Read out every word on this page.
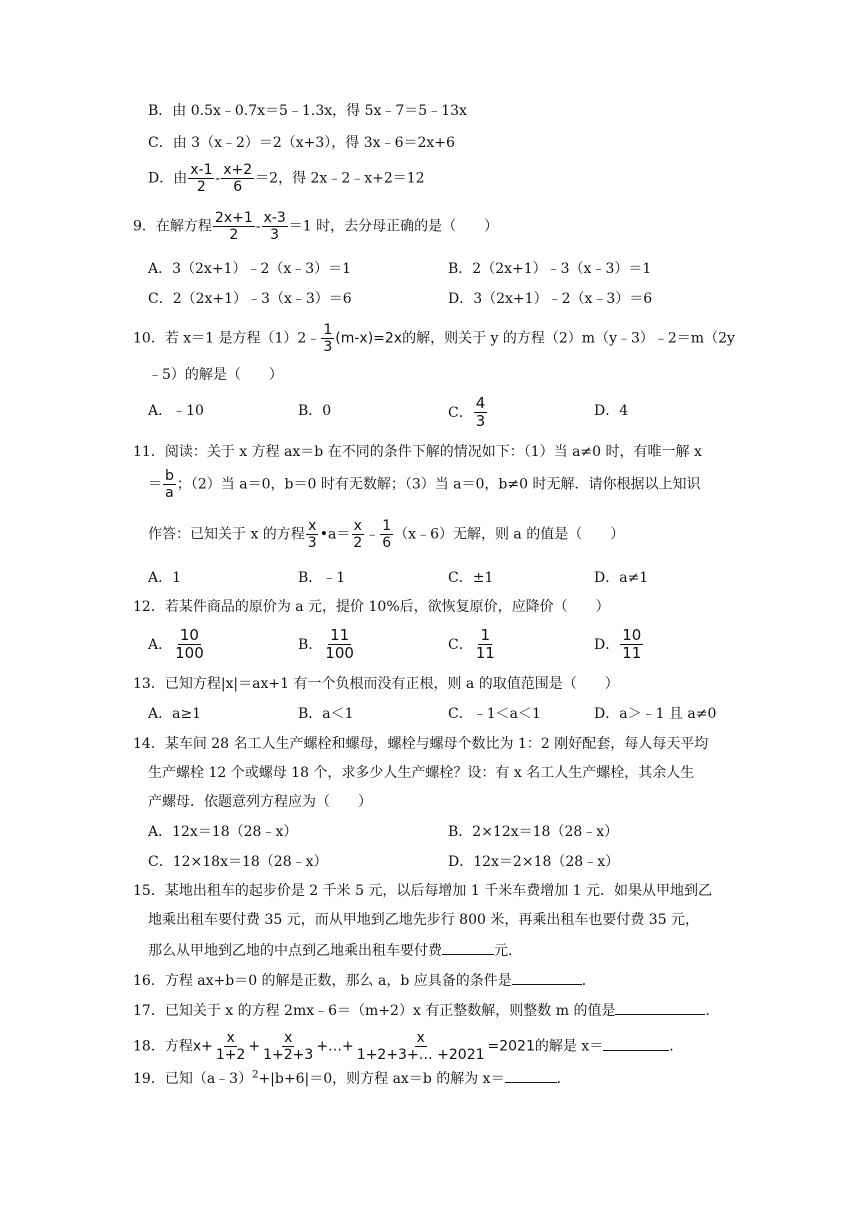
B．由 0.5x﹣0.7x＝5﹣1.3x，得 5x﹣7＝5﹣13x
C．由 3（x﹣2）＝2（x+3），得 3x﹣6＝2x+6
D．由 $\frac{x-1}{2} - \frac{x+2}{6} =2$，得 2x﹣2﹣x+2＝12
9．在解方程 $\frac{2x+1}{2} - \frac{x-3}{3} =1$ 时，去分母正确的是（　　）
A．3（2x+1）﹣2（x﹣3）＝1	B．2（2x+1）﹣3（x﹣3）＝1
C．2（2x+1）﹣3（x﹣3）＝6	D．3（2x+1）﹣2（x﹣3）＝6
10．若 x＝1 是方程（1）2﹣ $\frac{1}{3} (m-x)=2x$的解，则关于 y 的方程（2）m（y﹣3）﹣2＝m（2y
﹣5）的解是（　　）
A．﹣10	B．0	C． $\frac{4}{3}$	D．4
11．阅读：关于 x 方程 ax＝b 在不同的条件下解的情况如下：（1）当 a≠0 时，有唯一解 x
＝ $\frac{b}{a}$ ；（2）当 a＝0，b＝0 时有无数解；（3）当 a＝0，b≠0 时无解．请你根据以上知识
作答：已知关于 x 的方程 $\frac{x}{3}$ •a＝ $\frac{x}{2}$ ﹣ $\frac{1}{6}$ （x﹣6）无解，则 a 的值是（　　）
A．1	B．﹣1	C．±1	D．a≠1
12．若某件商品的原价为 a 元，提价 10%后，欲恢复原价，应降价（　　）
A． $\frac{10}{100}$	B． $\frac{11}{100}$	C． $\frac{1}{11}$	D． $\frac{10}{11}$
13．已知方程|x|＝ax+1 有一个负根而没有正根，则 a 的取值范围是（　　）
A．a≥1	B．a＜1	C．﹣1＜a＜1	D．a＞﹣1 且 a≠0
14．某车间 28 名工人生产螺栓和螺母，螺栓与螺母个数比为 1：2 刚好配套，每人每天平均
生产螺栓 12 个或螺母 18 个，求多少人生产螺栓？设：有 x 名工人生产螺栓，其余人生
产螺母．依题意列方程应为（　　）
A．12x＝18（28﹣x）	B．2×12x＝18（28﹣x）
C．12×18x＝18（28﹣x）	D．12x＝2×18（28﹣x）
15．某地出租车的起步价是 2 千米 5 元，以后每增加 1 千米车费增加 1 元．如果从甲地到乙
地乘出租车要付费 35 元，而从甲地到乙地先步行 800 米，再乘出租车也要付费 35 元，
那么从甲地到乙地的中点到乙地乘出租车要付费	元．
16．方程 ax+b＝0 的解是正数，那么 a，b 应具备的条件是	．
17．已知关于 x 的方程 2mx﹣6＝（m+2）x 有正整数解，则整数 m 的值是	．
18．方程$x+ \frac{x}{1+2} + \frac{x}{1+2+3}$ +…+ $\frac{x}{1+2+3+\dots +2021} =2021$的解是 x＝	．
19．已知（a﹣3）$^2$+|b+6|＝0，则方程 ax＝b 的解为 x＝	．
